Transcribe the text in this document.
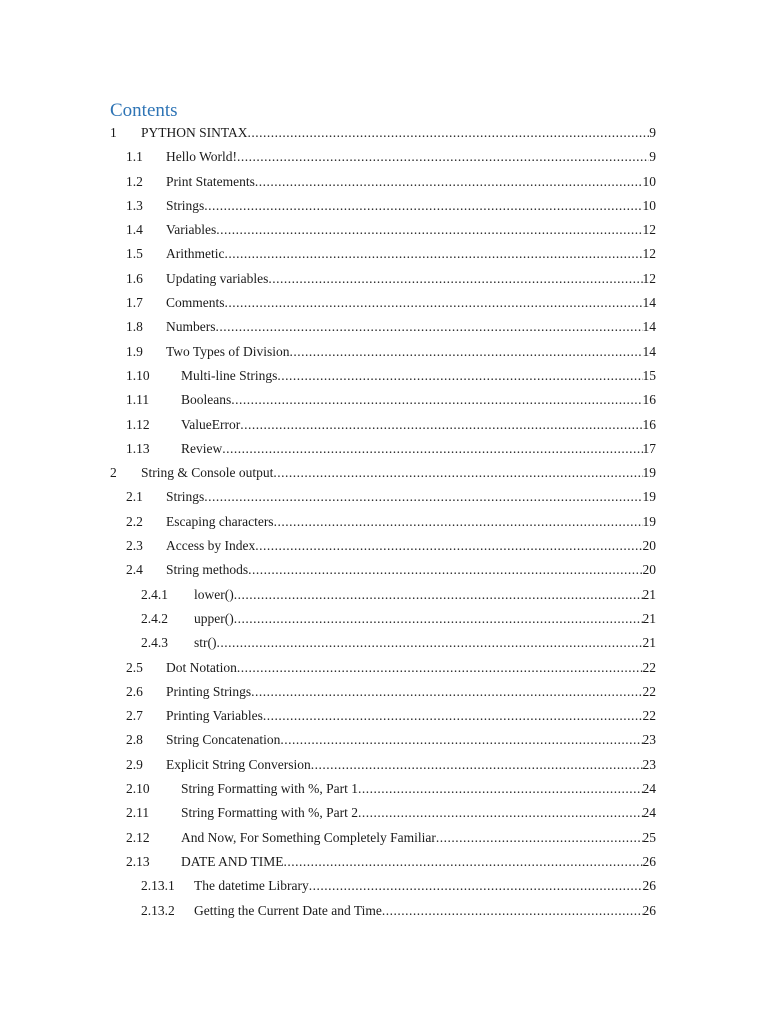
Contents
1 PYTHON SINTAX .....	9
1.1 Hello World! .....	9
1.2 Print Statements .....	10
1.3 Strings .....	10
1.4 Variables .....	12
1.5 Arithmetic .....	12
1.6 Updating variables .....	12
1.7 Comments .....	14
1.8 Numbers .....	14
1.9 Two Types of Division .....	14
1.10 Multi-line Strings .....	15
1.11 Booleans .....	16
1.12 ValueError .....	16
1.13 Review .....	17
2 String & Console output .....	19
2.1 Strings .....	19
2.2 Escaping characters .....	19
2.3 Access by Index .....	20
2.4 String methods .....	20
2.4.1 lower() .....	21
2.4.2 upper() .....	21
2.4.3 str() .....	21
2.5 Dot Notation .....	22
2.6 Printing Strings .....	22
2.7 Printing Variables .....	22
2.8 String Concatenation .....	23
2.9 Explicit String Conversion .....	23
2.10 String Formatting with %, Part 1 .....	24
2.11 String Formatting with %, Part 2 .....	24
2.12 And Now, For Something Completely Familiar .....	25
2.13 DATE AND TIME .....	26
2.13.1 The datetime Library .....	26
2.13.2 Getting the Current Date and Time .....	26
